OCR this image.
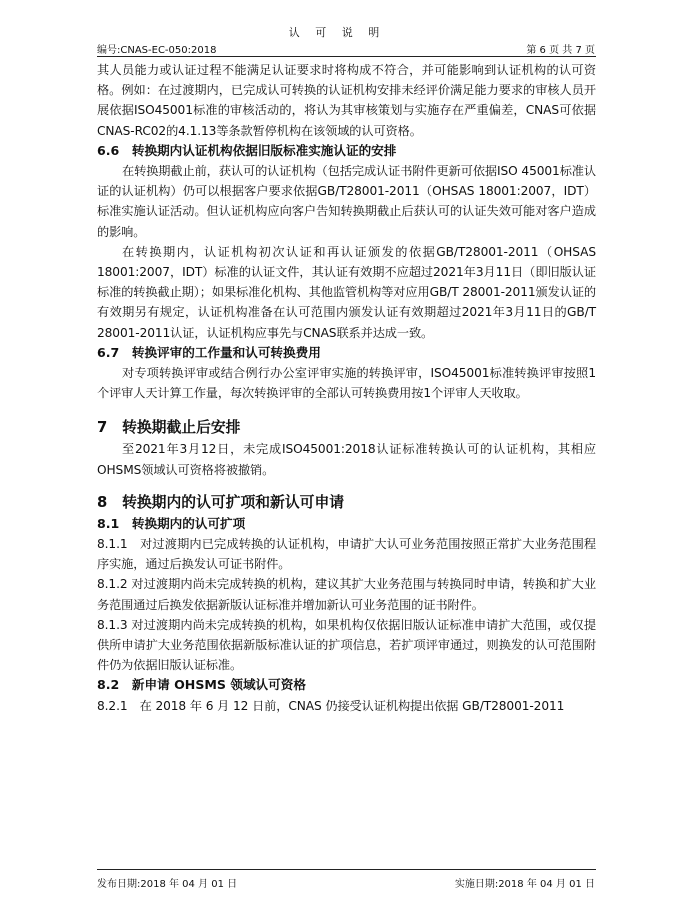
认 可 说 明
编号:CNAS-EC-050:2018	第 6 页 共 7 页

其人员能力或认证过程不能满足认证要求时将构成不符合，并可能影响到认证机构的认可资格。例如：在过渡期内，已完成认可转换的认证机构安排未经评价满足能力要求的审核人员开展依据ISO45001标准的审核活动的，将认为其审核策划与实施存在严重偏差，CNAS可依据CNAS-RC02的4.1.13等条款暂停机构在该领域的认可资格。

6.6　转换期内认证机构依据旧版标准实施认证的安排

在转换期截止前，获认可的认证机构（包括完成认证书附件更新可依据ISO 45001标准认证的认证机构）仍可以根据客户要求依据GB/T28001-2011（OHSAS 18001:2007，IDT）标准实施认证活动。但认证机构应向客户告知转换期截止后获认可的认证失效可能对客户造成的影响。

在转换期内，认证机构初次认证和再认证颁发的依据GB/T28001-2011（OHSAS 18001:2007，IDT）标准的认证文件，其认证有效期不应超过2021年3月11日（即旧版认证标准的转换截止期）；如果标准化机构、其他监管机构等对应用GB/T 28001-2011颁发认证的有效期另有规定，认证机构准备在认可范围内颁发认证有效期超过2021年3月11日的GB/T 28001-2011认证，认证机构应事先与CNAS联系并达成一致。

6.7　转换评审的工作量和认可转换费用

对专项转换评审或结合例行办公室评审实施的转换评审，ISO45001标准转换评审按照1个评审人天计算工作量，每次转换评审的全部认可转换费用按1个评审人天收取。

7　转换期截止后安排

至2021年3月12日，未完成ISO45001:2018认证标准转换认可的认证机构，其相应OHSMS领域认可资格将被撤销。

8　转换期内的认可扩项和新认可申请

8.1　转换期内的认可扩项

8.1.1　对过渡期内已完成转换的认证机构，申请扩大认可业务范围按照正常扩大业务范围程序实施，通过后换发认可证书附件。

8.1.2 对过渡期内尚未完成转换的机构，建议其扩大业务范围与转换同时申请，转换和扩大业务范围通过后换发依据新版认证标准并增加新认可业务范围的证书附件。

8.1.3 对过渡期内尚未完成转换的机构，如果机构仅依据旧版认证标准申请扩大范围，或仅提供所申请扩大业务范围依据新版标准认证的扩项信息，若扩项评审通过，则换发的认可范围附件仍为依据旧版认证标准。

8.2　新申请 OHSMS 领域认可资格

8.2.1　在 2018 年 6 月 12 日前，CNAS 仍接受认证机构提出依据 GB/T28001-2011

发布日期:2018 年 04 月 01 日	实施日期:2018 年 04 月 01 日
